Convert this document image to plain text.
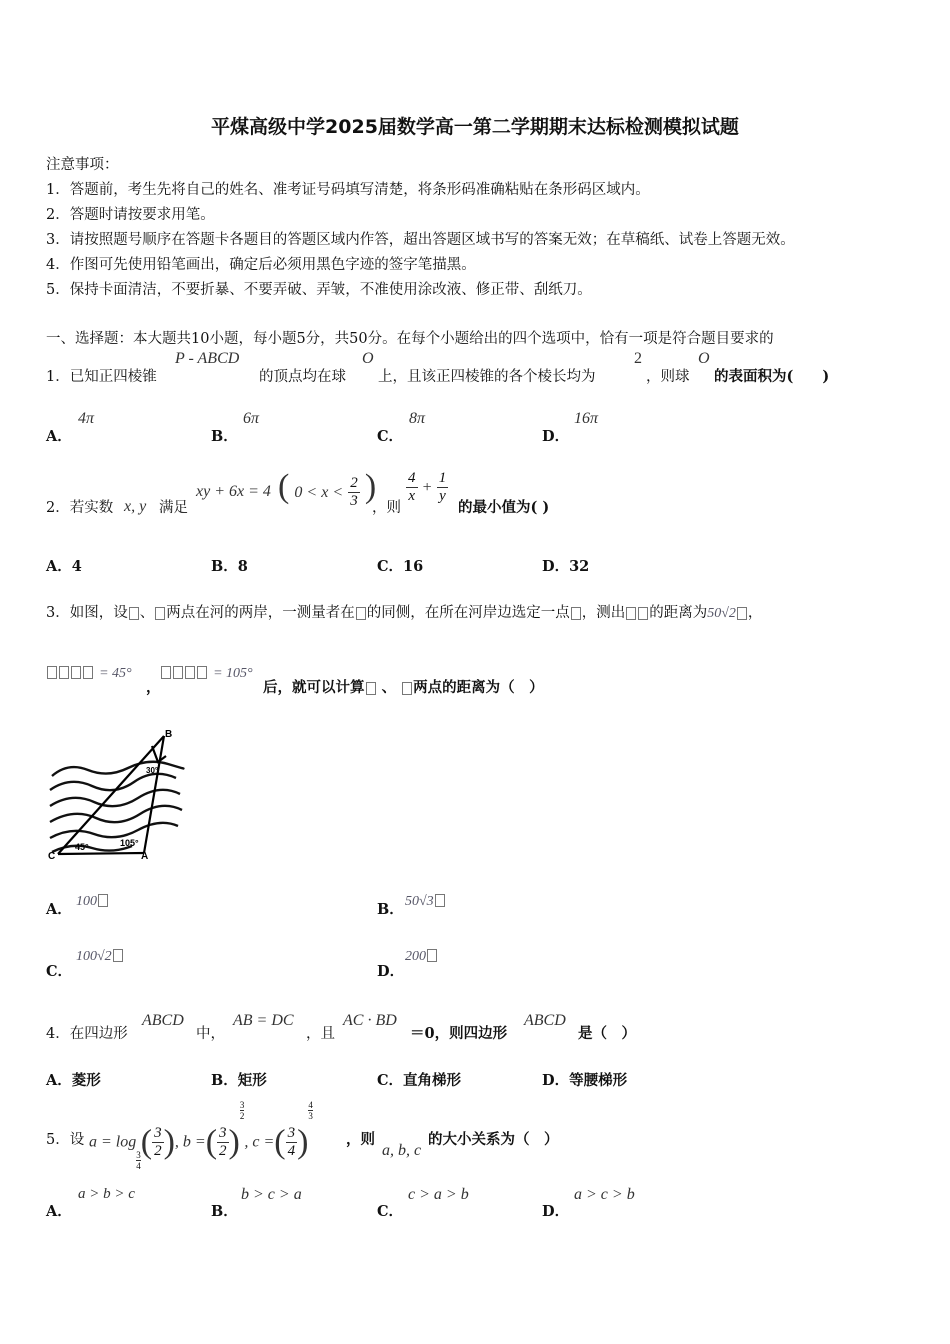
平煤高级中学2025届数学高一第二学期期末达标检测模拟试题
注意事项：
1．答题前，考生先将自己的姓名、准考证号码填写清楚，将条形码准确粘贴在条形码区域内。
2．答题时请按要求用笔。
3．请按照题号顺序在答题卡各题目的答题区域内作答，超出答题区域书写的答案无效；在草稿纸、试卷上答题无效。
4．作图可先使用铅笔画出，确定后必须用黑色字迹的签字笔描黑。
5．保持卡面清洁，不要折暴、不要弄破、弄皱，不准使用涂改液、修正带、刮纸刀。
一、选择题：本大题共10小题，每小题5分，共50分。在每个小题给出的四个选项中，恰有一项是符合题目要求的
1．已知正四棱锥
P - ABCD
的顶点均在球
O
上，且该正四棱锥的各个棱长均为
2
，则球
O
的表面积为(　　)
A．
4π
B．
6π
C．
8π
D．
16π
2．若实数 x, y 满足
xy + 6x = 4 ( $0 < x < \frac{2}{3}$ )
，则
$\frac{4}{x} + \frac{1}{y}$
的最小值为( )
A．4	B．8	C．16	D．32
3．如图，设 、 两点在河的两岸，一测量者在 的同侧，在所在河岸边选定一点 ，测出 的距离为50√2 ，
= 45°
，
= 105°
后，就可以计算 、 两点的距离为（　）
B
C	A
45°	105°
30°
A． 100	B． 50√3
C．
100√2
D．
200
4．在四边形
ABCD
中，
AB = DC
，且
AC · BD
＝0，则四边形
ABCD
是（　）
A．菱形	B．矩形	C．直角梯形	D．等腰梯形
5．设 a = log
$\frac{3}{4}$ ( $\frac{3}{2}$ ), b =( $\frac{3}{2}$ )
$\frac{3}{2}$
, c =( $\frac{3}{4}$ )
$\frac{4}{3}$
，则
a, b, c
的大小关系为（　）
A．
a > b > c
B．
b > c > a
C．
c > a > b
D．
a > c > b
